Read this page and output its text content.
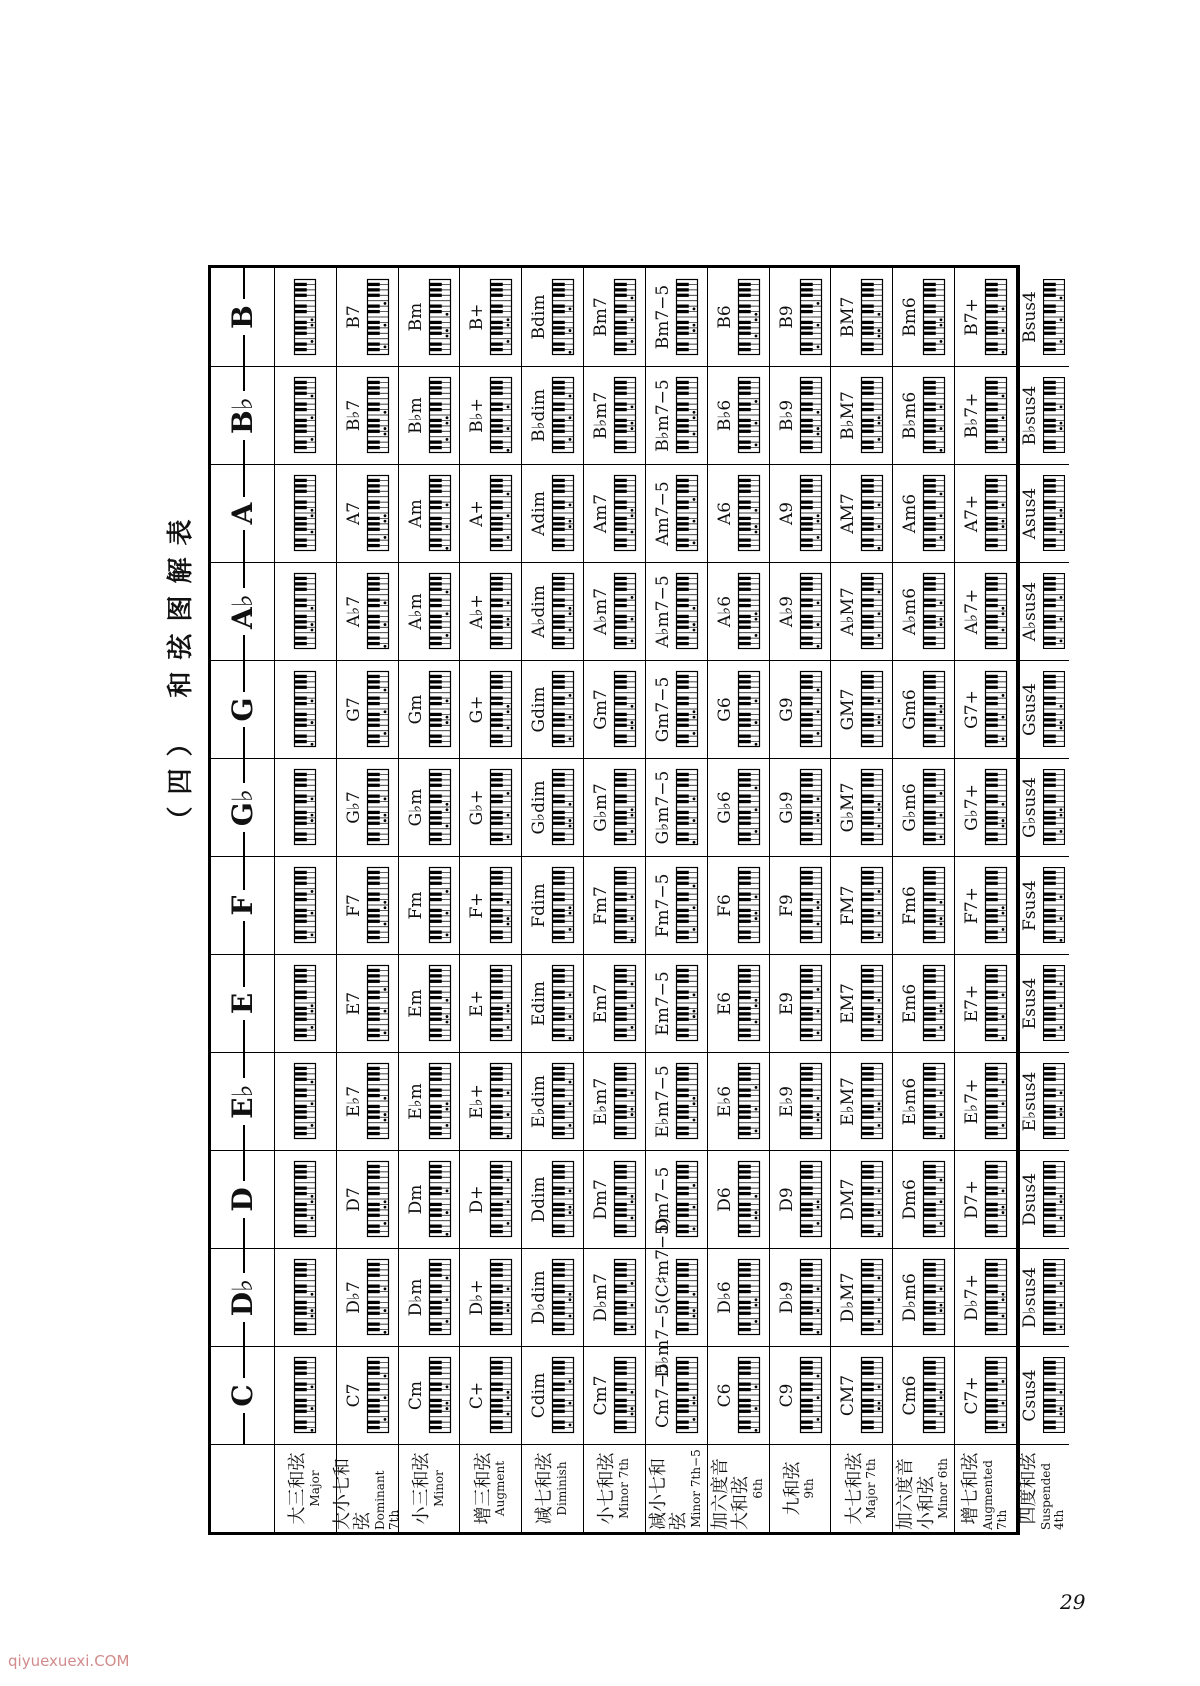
（四） 和弦图解表
C
D♭
D
E♭
E
F
G♭
G
A♭
A
B♭
B
大三和弦 Major 大小七和弦 Dominant 7th
C7
D♭7
D7
E♭7
E7
F7
G♭7
G7
A♭7
A7
B♭7
B7
小三和弦 Minor
Cm
D♭m
Dm
E♭m
Em
Fm
G♭m
Gm
A♭m
Am
B♭m
Bm
增三和弦 Augment
C+
D♭+
D+
E♭+
E+
F+
G♭+
G+
A♭+
A+
B♭+
B+
减七和弦 Diminish
Cdim
D♭dim
Ddim
E♭dim
Edim
Fdim
G♭dim
Gdim
A♭dim
Adim
B♭dim
Bdim
小七和弦 Minor 7th
Cm7
D♭m7
Dm7
E♭m7
Em7
Fm7
G♭m7
Gm7
A♭m7
Am7
B♭m7
Bm7
减小七和弦 Minor 7th−5
Cm7−5
D♭m7−5(C♯m7−5)
Dm7−5
E♭m7−5
Em7−5
Fm7−5
G♭m7−5
Gm7−5
A♭m7−5
Am7−5
B♭m7−5
Bm7−5
加六度音大和弦 6th
C6
D♭6
D6
E♭6
E6
F6
G♭6
G6
A♭6
A6
B♭6
B6
九和弦 9th
C9
D♭9
D9
E♭9
E9
F9
G♭9
G9
A♭9
A9
B♭9
B9
大七和弦 Major 7th
CM7
D♭M7
DM7
E♭M7
EM7
FM7
G♭M7
GM7
A♭M7
AM7
B♭M7
BM7
加六度音小和弦 Minor 6th
Cm6
D♭m6
Dm6
E♭m6
Em6
Fm6
G♭m6
Gm6
A♭m6
Am6
B♭m6
Bm6
增七和弦 Augmented 7th
C7+
D♭7+
D7+
E♭7+
E7+
F7+
G♭7+
G7+
A♭7+
A7+
B♭7+
B7+
四度和弦 Suspended 4th
Csus4
D♭sus4
Dsus4
E♭sus4
Esus4
Fsus4
G♭sus4
Gsus4
A♭sus4
Asus4
B♭sus4
Bsus4
29
qiyuexuexi.COM
